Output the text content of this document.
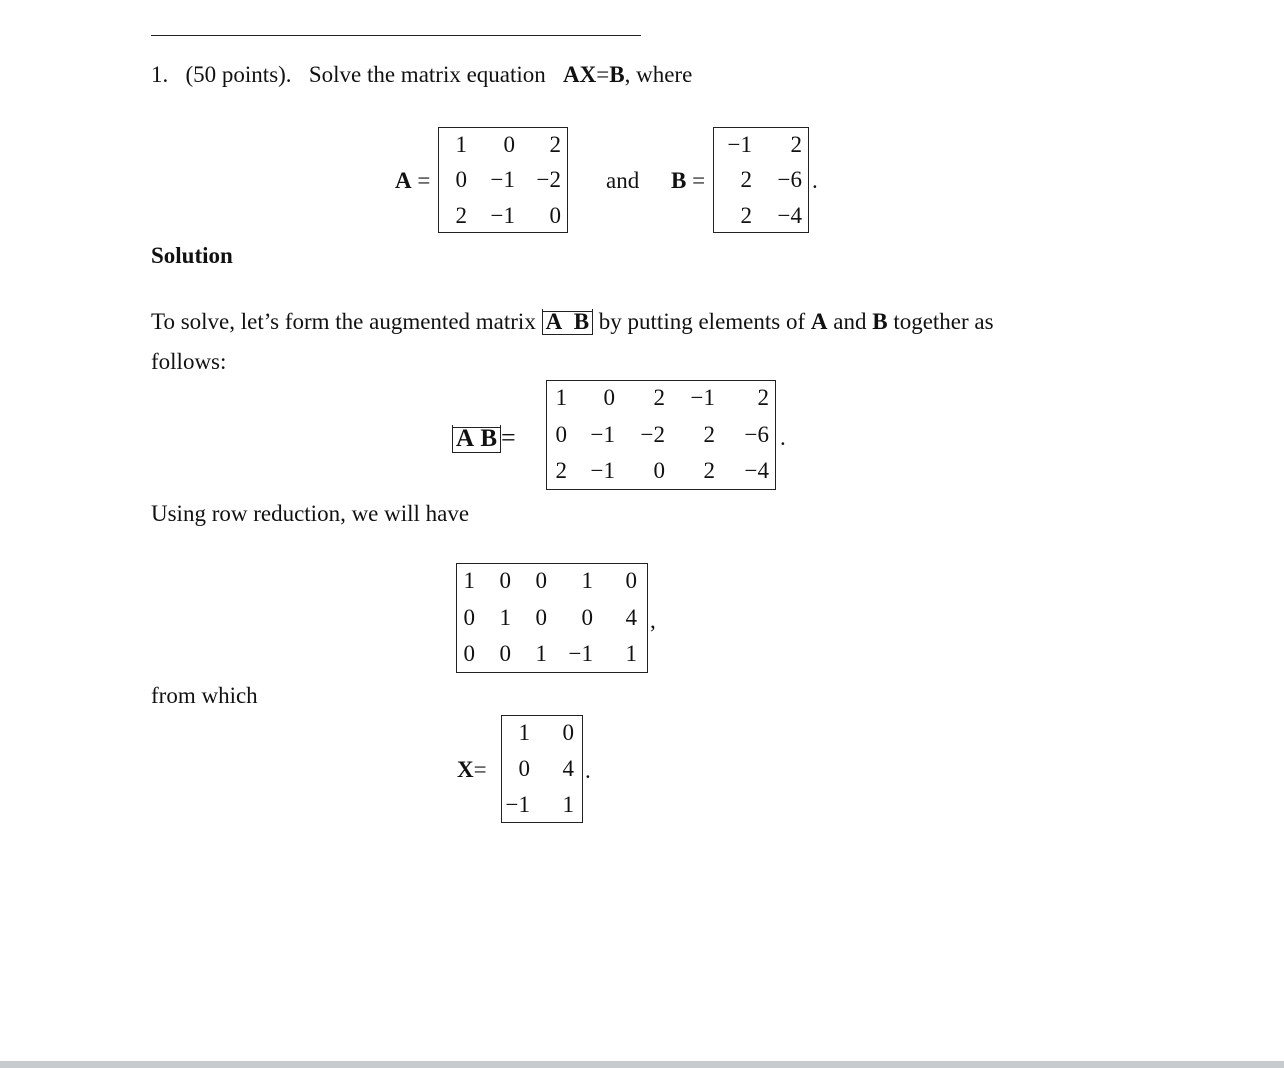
1. (50 points). Solve the matrix equation AX=B, where
A =
1	0	2
0	−1 −2
2	−1	0
and B =
−1	2
2	−6
2	−4
.
Solution
To solve, let’s form the augmented matrix A B by putting elements of A and B together as
follows:
A B =
1	0	2	−1	2
0	−1	−2	2	−6
2	−1	0	2	−4
.
Using row reduction, we will have
1	0	0	1	0
0	1	0	0	4
0	0	1 −1	1
,
from which
X=
1	0
0	4
−1	1
.
